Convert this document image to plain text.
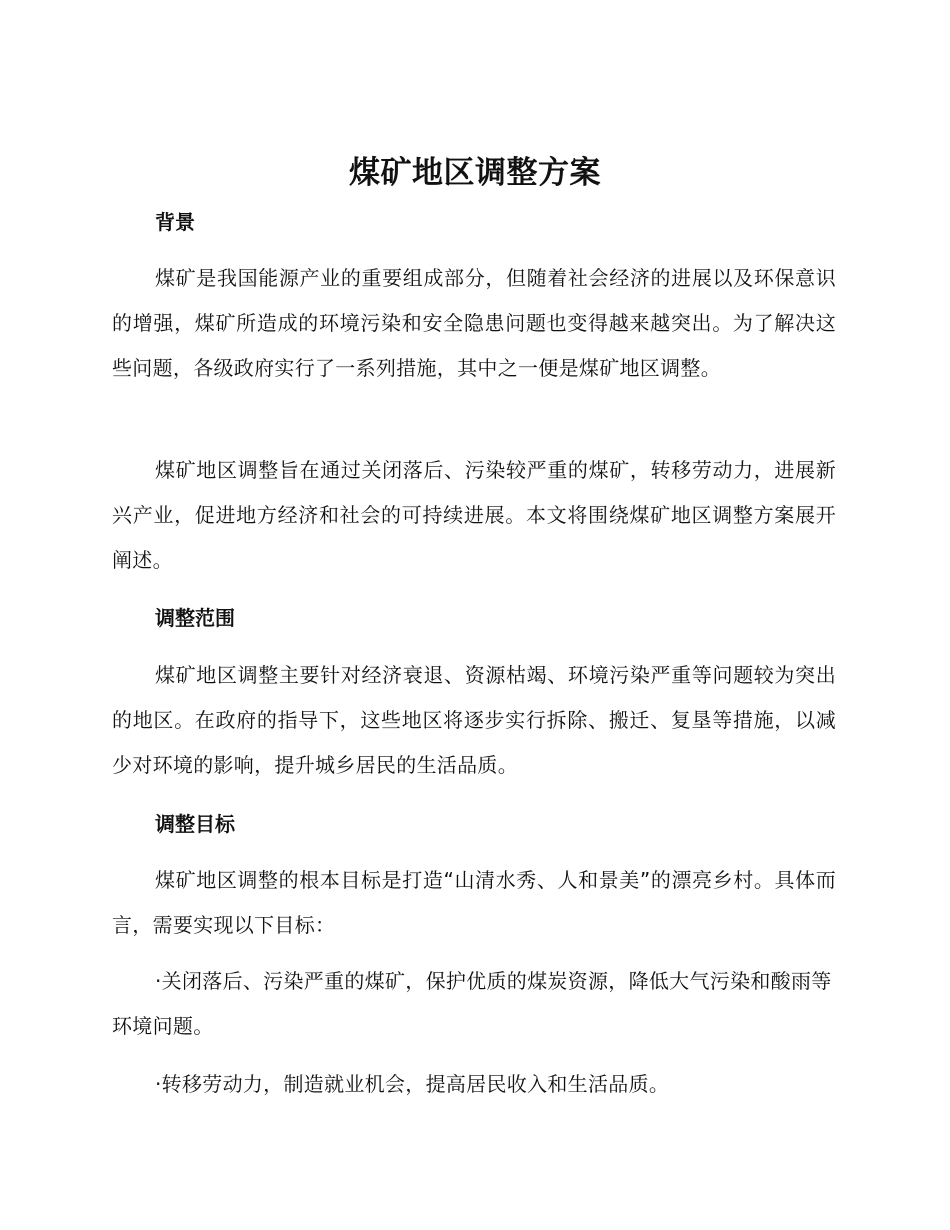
煤矿地区调整方案
背景

煤矿是我国能源产业的重要组成部分，但随着社会经济的进展以及环保意识的增强，煤矿所造成的环境污染和安全隐患问题也变得越来越突出。为了解决这些问题，各级政府实行了一系列措施，其中之一便是煤矿地区调整。

煤矿地区调整旨在通过关闭落后、污染较严重的煤矿，转移劳动力，进展新兴产业，促进地方经济和社会的可持续进展。本文将围绕煤矿地区调整方案展开阐述。

调整范围

煤矿地区调整主要针对经济衰退、资源枯竭、环境污染严重等问题较为突出的地区。在政府的指导下，这些地区将逐步实行拆除、搬迁、复垦等措施，以减少对环境的影响，提升城乡居民的生活品质。

调整目标

煤矿地区调整的根本目标是打造“山清水秀、人和景美”的漂亮乡村。具体而言，需要实现以下目标：

·关闭落后、污染严重的煤矿，保护优质的煤炭资源，降低大气污染和酸雨等环境问题。

·转移劳动力，制造就业机会，提高居民收入和生活品质。
